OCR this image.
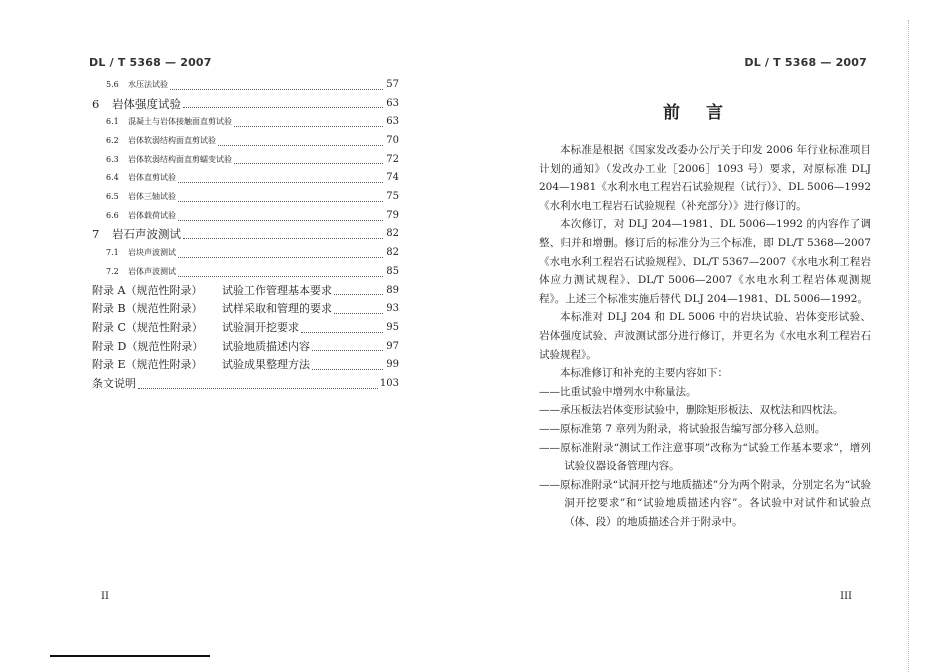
DL / T 5368 — 2007
5.6	水压法试验	57
6	岩体强度试验	63
6.1	混凝土与岩体接触面直剪试验	63
6.2	岩体软弱结构面直剪试验	70
6.3	岩体软弱结构面直剪蠕变试验	72
6.4	岩体直剪试验	74
6.5	岩体三轴试验	75
6.6	岩体载荷试验	79
7	岩石声波测试	82
7.1	岩块声波测试	82
7.2	岩体声波测试	85
附录 A（规范性附录）	试验工作管理基本要求	89
附录 B（规范性附录）	试样采取和管理的要求	93
附录 C（规范性附录）	试验洞开挖要求	95
附录 D（规范性附录）	试验地质描述内容	97
附录 E（规范性附录）	试验成果整理方法	99
条文说明	103
II
DL / T 5368 — 2007
III
前言

本标准是根据《国家发改委办公厅关于印发 2006 年行业标准项目计划的通知》（发改办工业［2006］1093 号）要求，对原标准 DLJ 204—1981《水利水电工程岩石试验规程（试行）》、DL 5006—1992《水利水电工程岩石试验规程（补充部分）》进行修订的。

本次修订，对 DLJ 204—1981、DL 5006—1992 的内容作了调整、归并和增删。修订后的标准分为三个标准，即 DL/T 5368—2007《水电水利工程岩石试验规程》、DL/T 5367—2007《水电水利工程岩体应力测试规程》、DL/T 5006—2007《水电水利工程岩体观测规程》。上述三个标准实施后替代 DLJ 204—1981、DL 5006—1992。

本标准对 DLJ 204 和 DL 5006 中的岩块试验、岩体变形试验、岩体强度试验、声波测试部分进行修订，并更名为《水电水利工程岩石试验规程》。

本标准修订和补充的主要内容如下：

——比重试验中增列水中称量法。

——承压板法岩体变形试验中，删除矩形板法、双枕法和四枕法。

——原标准第 7 章列为附录，将试验报告编写部分移入总则。

——原标准附录“测试工作注意事项”改称为“试验工作基本要求”，增列试验仪器设备管理内容。

——原标准附录“试洞开挖与地质描述”分为两个附录，分别定名为“试验洞开挖要求”和“试验地质描述内容”。各试验中对试件和试验点（体、段）的地质描述合并于附录中。
